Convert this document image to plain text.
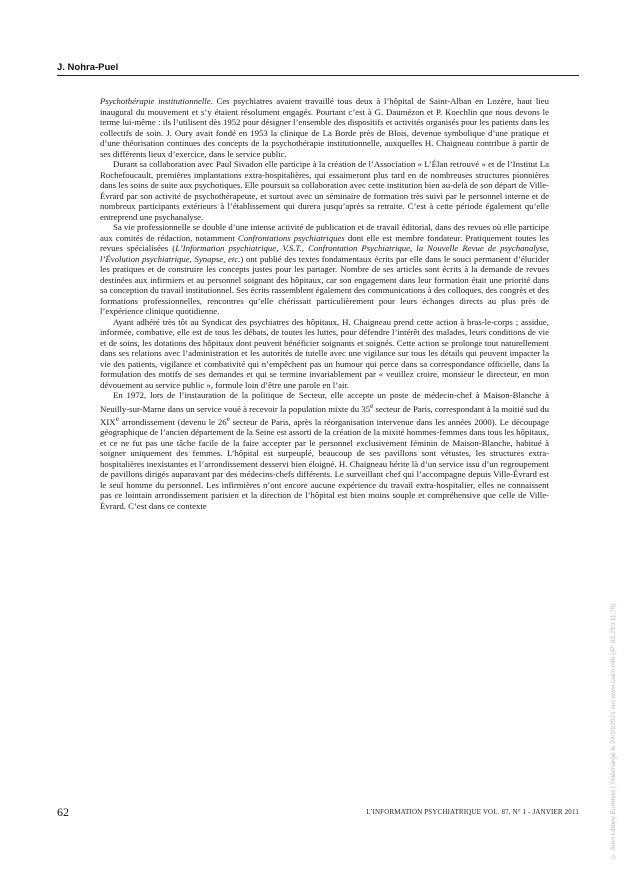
J. Nohra-Puel

Psychothérapie institutionnelle. Ces psychiatres avaient travaillé tous deux à l’hôpital de Saint-Alban en Lozère, haut lieu inaugural du mouvement et s’y étaient résolument engagés. Pourtant c’est à G. Daumézon et P. Koechlin que nous devons le terme lui-même : ils l’utilisent dès 1952 pour désigner l’ensemble des dispositifs et activités organisés pour les patients dans les collectifs de soin. J. Oury avait fondé en 1953 la clinique de La Borde près de Blois, devenue symbolique d’une pratique et d’une théorisation continues des concepts de la psychothérapie institutionnelle, auxquelles H. Chaigneau contribue à partir de ses différents lieux d’exercice, dans le service public.

Durant sa collaboration avec Paul Sivadon elle participe à la création de l’Association « L’Élan retrouvé » et de l’Institut La Rochefoucault, premières implantations extra-hospitalières, qui essaimeront plus tard en de nombreuses structures pionnières dans les soins de suite aux psychotiques. Elle poursuit sa collaboration avec cette institution bien au-delà de son départ de Ville-Évrard par son activité de psychothérapeute, et surtout avec un séminaire de formation très suivi par le personnel interne et de nombreux participants extérieurs à l’établissement qui durera jusqu’après sa retraite. C’est à cette période également qu’elle entreprend une psychanalyse.

Sa vie professionnelle se double d’une intense activité de publication et de travail éditorial, dans des revues où elle participe aux comités de rédaction, notamment Confrontations psychiatriques dont elle est membre fondateur. Pratiquement toutes les revues spécialisées (L’Information psychiatrique, V.S.T., Confrontation Psychiatrique, la Nouvelle Revue de psychanalyse, l’Évolution psychiatrique, Synapse, etc.) ont publié des textes fondamentaux écrits par elle dans le souci permanent d’élucider les pratiques et de construire les concepts justes pour les partager. Nombre de ses articles sont écrits à la demande de revues destinées aux infirmiers et au personnel soignant des hôpitaux, car son engagement dans leur formation était une priorité dans sa conception du travail institutionnel. Ses écrits rassemblent également des communications à des colloques, des congrès et des formations professionnelles, rencontres qu’elle chérissait particulièrement pour leurs échanges directs au plus près de l’expérience clinique quotidienne.

Ayant adhéré très tôt au Syndicat des psychiatres des hôpitaux, H. Chaigneau prend cette action à bras-le-corps ; assidue, informée, combative, elle est de tous les débats, de toutes les luttes, pour défendre l’intérêt des malades, leurs conditions de vie et de soins, les dotations des hôpitaux dont peuvent bénéficier soignants et soignés. Cette action se prolonge tout naturellement dans ses relations avec l’administration et les autorités de tutelle avec une vigilance sur tous les détails qui peuvent impacter la vie des patients, vigilance et combativité qui n’empêchent pas un humour qui perce dans sa correspondance officielle, dans la formulation des motifs de ses demandes et qui se termine invariablement par « veuillez croire, monsieur le directeur, en mon dévouement au service public », formule loin d’être une parole en l’air.

En 1972, lors de l’instauration de la politique de Secteur, elle accepte un poste de médecin-chef à Maison-Blanche à Neuilly-sur-Marne dans un service voué à recevoir la population mixte du 35e secteur de Paris, correspondant à la moitié sud du XIXe arrondissement (devenu le 26e secteur de Paris, après la réorganisation intervenue dans les années 2000). Le découpage géographique de l’ancien département de la Seine est assorti de la création de la mixité hommes-femmes dans tous les hôpitaux, et ce ne fut pas une tâche facile de la faire accepter par le personnel exclusivement féminin de Maison-Blanche, habitué à soigner uniquement des femmes. L’hôpital est surpeuplé, beaucoup de ses pavillons sont vétustes, les structures extra-hospitalières inexistantes et l’arrondissement desservi bien éloigné. H. Chaigneau hérite là d’un service issu d’un regroupement de pavillons dirigés auparavant par des médecins-chefs différents. Le surveillant chef qui l’accompagne depuis Ville-Évrard est le seul homme du personnel. Les infirmières n’ont encore aucune expérience du travail extra-hospitalier, elles ne connaissent pas ce lointain arrondissement parisien et la direction de l’hôpital est bien moins souple et compréhensive que celle de Ville-Évrard. C’est dans ce contexte

62	L’INFORMATION PSYCHIATRIQUE VOL. 87, N° 1 - JANVIER 2011	© John Libbey Eurotext | Téléchargé le 24/10/2021 sur www.cairn.info (IP: 82.210.11.70)
